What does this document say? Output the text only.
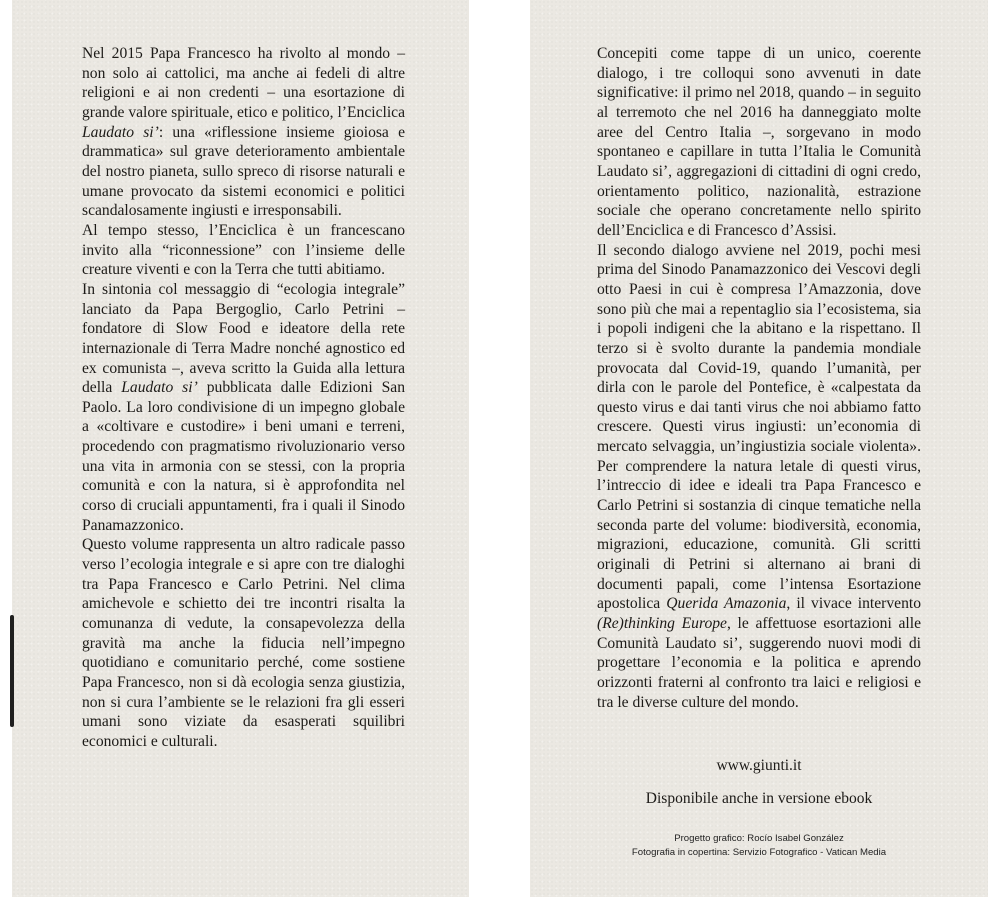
Nel 2015 Papa Francesco ha rivolto al mondo – non solo ai cattolici, ma anche ai fedeli di altre religioni e ai non credenti – una esortazione di grande valore spirituale, etico e politico, l’Enciclica Laudato si’: una «riflessione insieme gioiosa e drammatica» sul grave deterioramento ambientale del nostro pianeta, sullo spreco di risorse naturali e umane provocato da sistemi economici e politici scandalosamente ingiusti e irresponsabili.

Al tempo stesso, l’Enciclica è un francescano invito alla “riconnessione” con l’insieme delle creature viventi e con la Terra che tutti abitiamo.

In sintonia col messaggio di “ecologia integrale” lanciato da Papa Bergoglio, Carlo Petrini – fondatore di Slow Food e ideatore della rete internazionale di Terra Madre nonché agnostico ed ex comunista –, aveva scritto la Guida alla lettura della Laudato si’ pubblicata dalle Edizioni San Paolo. La loro condivisione di un impegno globale a «coltivare e custodire» i beni umani e terreni, procedendo con pragmatismo rivoluzionario verso una vita in armonia con se stessi, con la propria comunità e con la natura, si è approfondita nel corso di cruciali appuntamenti, fra i quali il Sinodo Panamazzonico.

Questo volume rappresenta un altro radicale passo verso l’ecologia integrale e si apre con tre dialoghi tra Papa Francesco e Carlo Petrini. Nel clima amichevole e schietto dei tre incontri risalta la comunanza di vedute, la consapevolezza della gravità ma anche la fiducia nell’impegno quotidiano e comunitario perché, come sostiene Papa Francesco, non si dà ecologia senza giustizia, non si cura l’ambiente se le relazioni fra gli esseri umani sono viziate da esasperati squilibri economici e culturali.

Concepiti come tappe di un unico, coerente dialogo, i tre colloqui sono avvenuti in date significative: il primo nel 2018, quando – in seguito al terremoto che nel 2016 ha danneggiato molte aree del Centro Italia –, sorgevano in modo spontaneo e capillare in tutta l’Italia le Comunità Laudato si’, aggregazioni di cittadini di ogni credo, orientamento politico, nazionalità, estrazione sociale che operano concretamente nello spirito dell’Enciclica e di Francesco d’Assisi.

Il secondo dialogo avviene nel 2019, pochi mesi prima del Sinodo Panamazzonico dei Vescovi degli otto Paesi in cui è compresa l’Amazzonia, dove sono più che mai a repentaglio sia l’ecosistema, sia i popoli indigeni che la abitano e la rispettano. Il terzo si è svolto durante la pandemia mondiale provocata dal Covid-19, quando l’umanità, per dirla con le parole del Pontefice, è «calpestata da questo virus e dai tanti virus che noi abbiamo fatto crescere. Questi virus ingiusti: un’economia di mercato selvaggia, un’ingiustizia sociale violenta». Per comprendere la natura letale di questi virus, l’intreccio di idee e ideali tra Papa Francesco e Carlo Petrini si sostanzia di cinque tematiche nella seconda parte del volume: biodiversità, economia, migrazioni, educazione, comunità. Gli scritti originali di Petrini si alternano ai brani di documenti papali, come l’intensa Esortazione apostolica Querida Amazonia, il vivace intervento (Re)thinking Europe, le affettuose esortazioni alle Comunità Laudato si’, suggerendo nuovi modi di progettare l’economia e la politica e aprendo orizzonti fraterni al confronto tra laici e religiosi e tra le diverse culture del mondo.

www.giunti.it
Disponibile anche in versione ebook
Progetto grafico: Rocío Isabel González
Fotografia in copertina: Servizio Fotografico - Vatican Media
